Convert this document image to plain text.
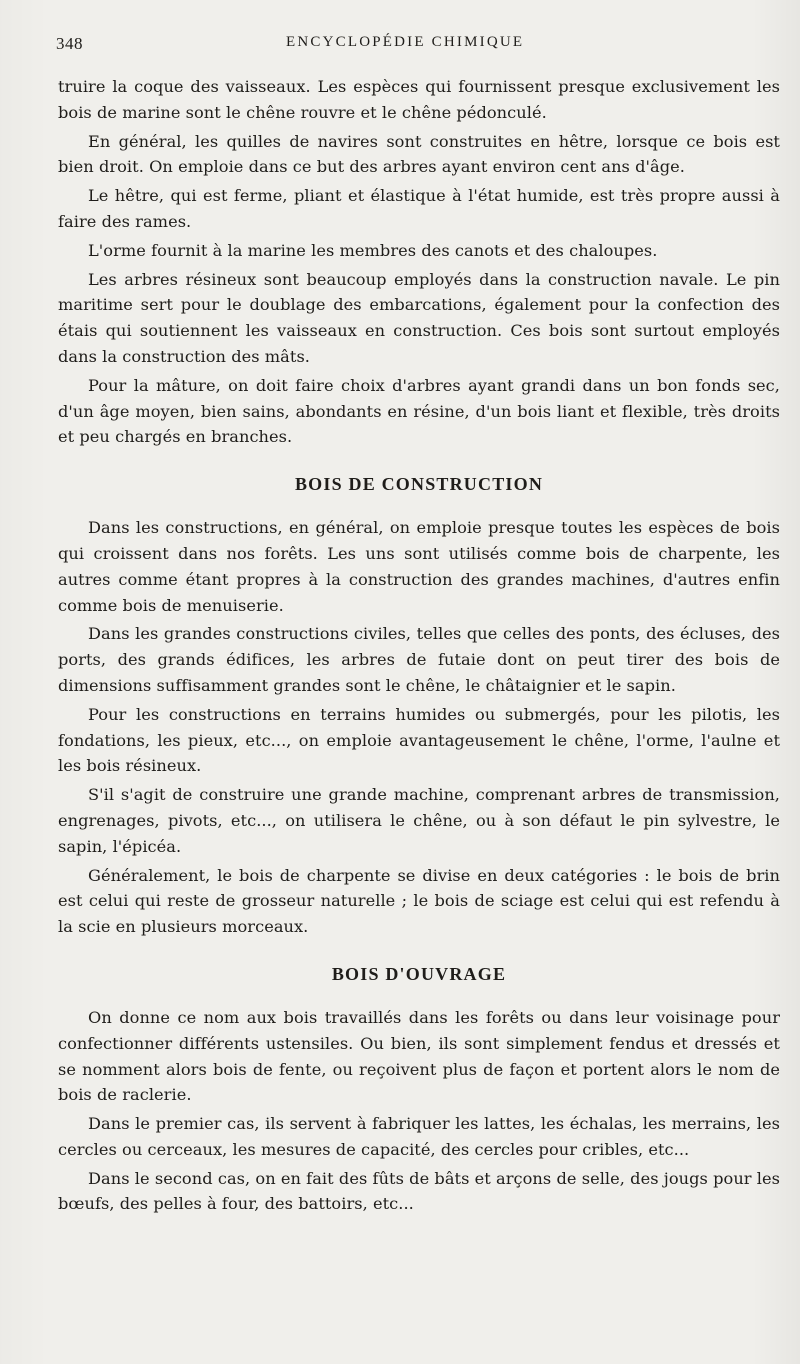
348	ENCYCLOPÉDIE CHIMIQUE

truire la coque des vaisseaux. Les espèces qui fournissent presque exclusivement les bois de marine sont le chêne rouvre et le chêne pédonculé.

En général, les quilles de navires sont construites en hêtre, lorsque ce bois est bien droit. On emploie dans ce but des arbres ayant environ cent ans d'âge.

Le hêtre, qui est ferme, pliant et élastique à l'état humide, est très propre aussi à faire des rames.

L'orme fournit à la marine les membres des canots et des chaloupes.

Les arbres résineux sont beaucoup employés dans la construction navale. Le pin maritime sert pour le doublage des embarcations, également pour la confection des étais qui soutiennent les vaisseaux en construction. Ces bois sont surtout employés dans la construction des mâts.

Pour la mâture, on doit faire choix d'arbres ayant grandi dans un bon fonds sec, d'un âge moyen, bien sains, abondants en résine, d'un bois liant et flexible, très droits et peu chargés en branches.

BOIS DE CONSTRUCTION

Dans les constructions, en général, on emploie presque toutes les espèces de bois qui croissent dans nos forêts. Les uns sont utilisés comme bois de charpente, les autres comme étant propres à la construction des grandes machines, d'autres enfin comme bois de menuiserie.

Dans les grandes constructions civiles, telles que celles des ponts, des écluses, des ports, des grands édifices, les arbres de futaie dont on peut tirer des bois de dimensions suffisamment grandes sont le chêne, le châtaignier et le sapin.

Pour les constructions en terrains humides ou submergés, pour les pilotis, les fondations, les pieux, etc..., on emploie avantageusement le chêne, l'orme, l'aulne et les bois résineux.

S'il s'agit de construire une grande machine, comprenant arbres de transmission, engrenages, pivots, etc..., on utilisera le chêne, ou à son défaut le pin sylvestre, le sapin, l'épicéa.

Généralement, le bois de charpente se divise en deux catégories : le bois de brin est celui qui reste de grosseur naturelle ; le bois de sciage est celui qui est refendu à la scie en plusieurs morceaux.

BOIS D'OUVRAGE

On donne ce nom aux bois travaillés dans les forêts ou dans leur voisinage pour confectionner différents ustensiles. Ou bien, ils sont simplement fendus et dressés et se nomment alors bois de fente, ou reçoivent plus de façon et portent alors le nom de bois de raclerie.

Dans le premier cas, ils servent à fabriquer les lattes, les échalas, les merrains, les cercles ou cerceaux, les mesures de capacité, des cercles pour cribles, etc...

Dans le second cas, on en fait des fûts de bâts et arçons de selle, des jougs pour les bœufs, des pelles à four, des battoirs, etc...
